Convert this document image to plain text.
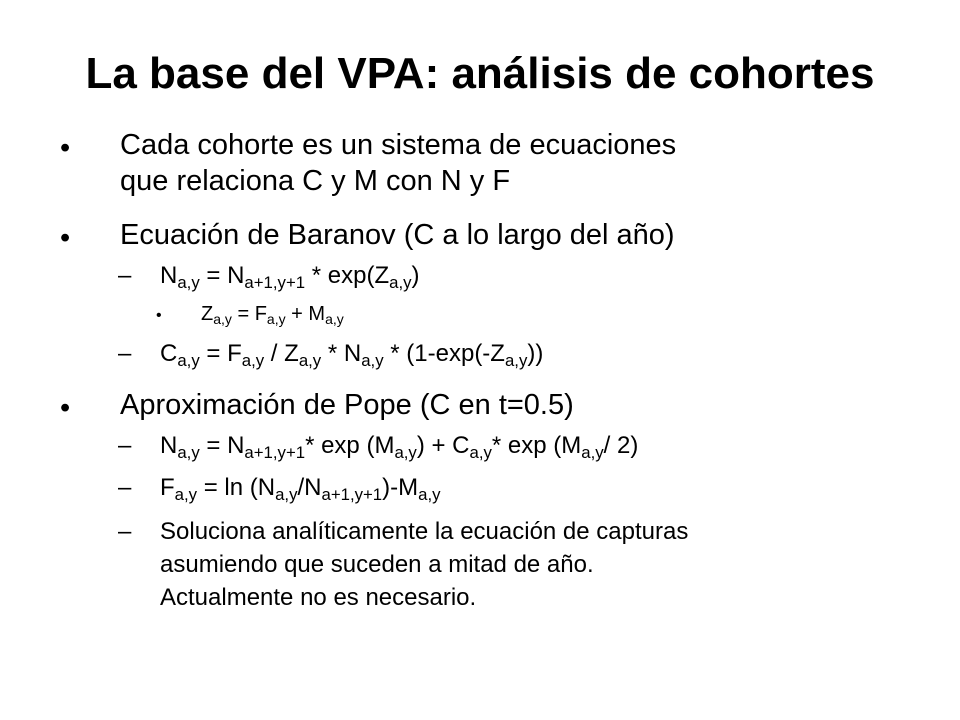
La base del VPA: análisis de cohortes
• Cada cohorte es un sistema de ecuaciones

que relaciona C y M con N y F

• Ecuación de Baranov (C a lo largo del año)

– $N_{a,y} = N_{a+1,y+1} * \exp(Z_{a,y})$

• $Z_{a,y} = F_{a,y} + M_{a,y}$

– $C_{a,y} = F_{a,y} / Z_{a,y} * N_{a,y} * (1-\exp(-Z_{a,y}))$

• Aproximación de Pope (C en t=0.5)

– $N_{a,y} = N_{a+1,y+1}*$ $\exp (M_{a,y}) + C_{a,y}*$ $\exp (M_{a,y}/$ 2)

– $F_{a,y} = \ln (N_{a,y}/N_{a+1,y+1})-M_{a,y}$

– Soluciona analíticamente la ecuación de capturas

asumiendo que suceden a mitad de año.

Actualmente no es necesario.
